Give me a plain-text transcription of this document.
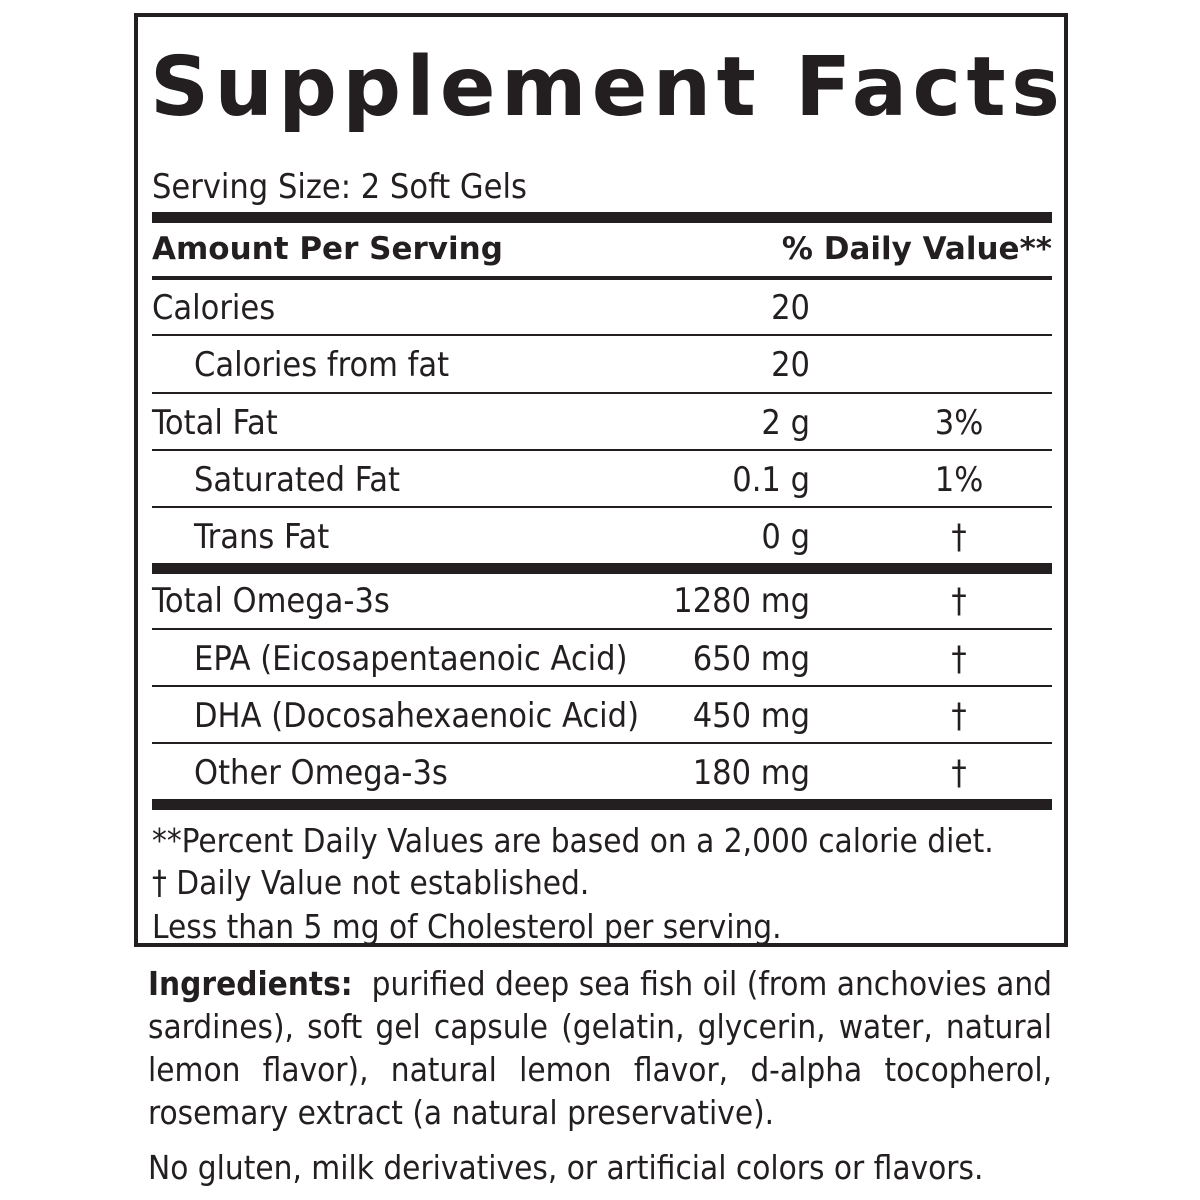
Supplement Facts
Serving Size: 2 Soft Gels
Amount Per Serving	% Daily Value**
Calories	20
Calories from fat	20
Total Fat	2 g	3%
Saturated Fat	0.1 g	1%
Trans Fat	0 g	†
Total Omega-3s	1280 mg	†
EPA (Eicosapentaenoic Acid) 650 mg	†
DHA (Docosahexaenoic Acid) 450 mg	†
Other Omega-3s	180 mg	†
**Percent Daily Values are based on a 2,000 calorie diet.
† Daily Value not established.
Less than 5 mg of Cholesterol per serving.

Ingredients: purified deep sea fish oil (from anchovies and sardines), soft gel capsule (gelatin, glycerin, water, natural lemon flavor), natural lemon flavor, d-alpha tocopherol, rosemary extract (a natural preservative).

No gluten, milk derivatives, or artificial colors or flavors.
